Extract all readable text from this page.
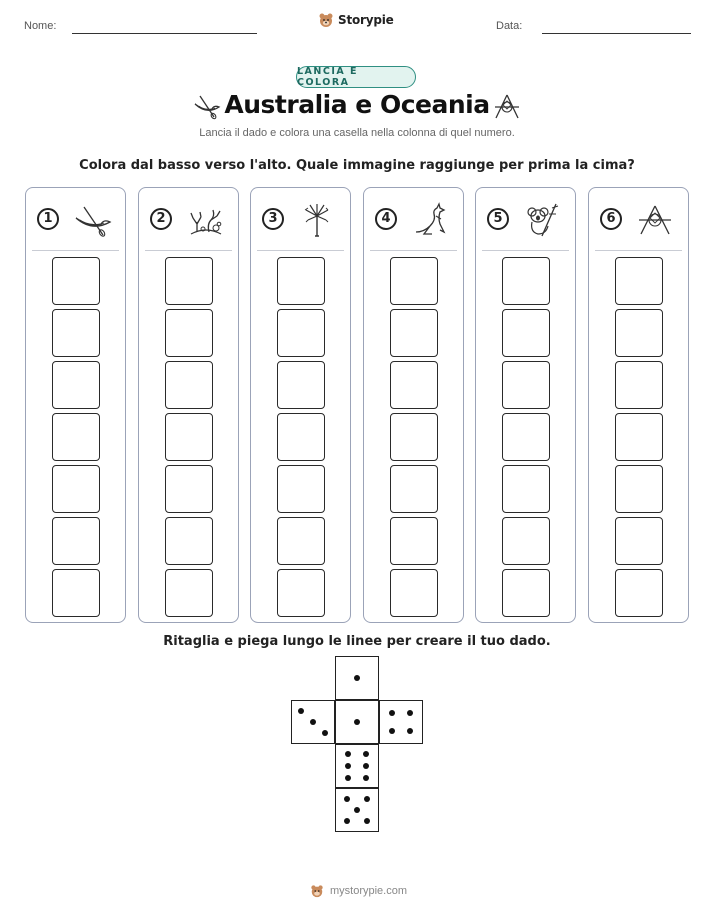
Nome:	Storypie	Data:
LANCIA E COLORA
Australia e Oceania
Lancia il dado e colora una casella nella colonna di quel numero.
Colora dal basso verso l'alto. Quale immagine raggiunge per prima la cima?
1	2	3	4	5	6
Ritaglia e piega lungo le linee per creare il tuo dado.
mystorypie.com
